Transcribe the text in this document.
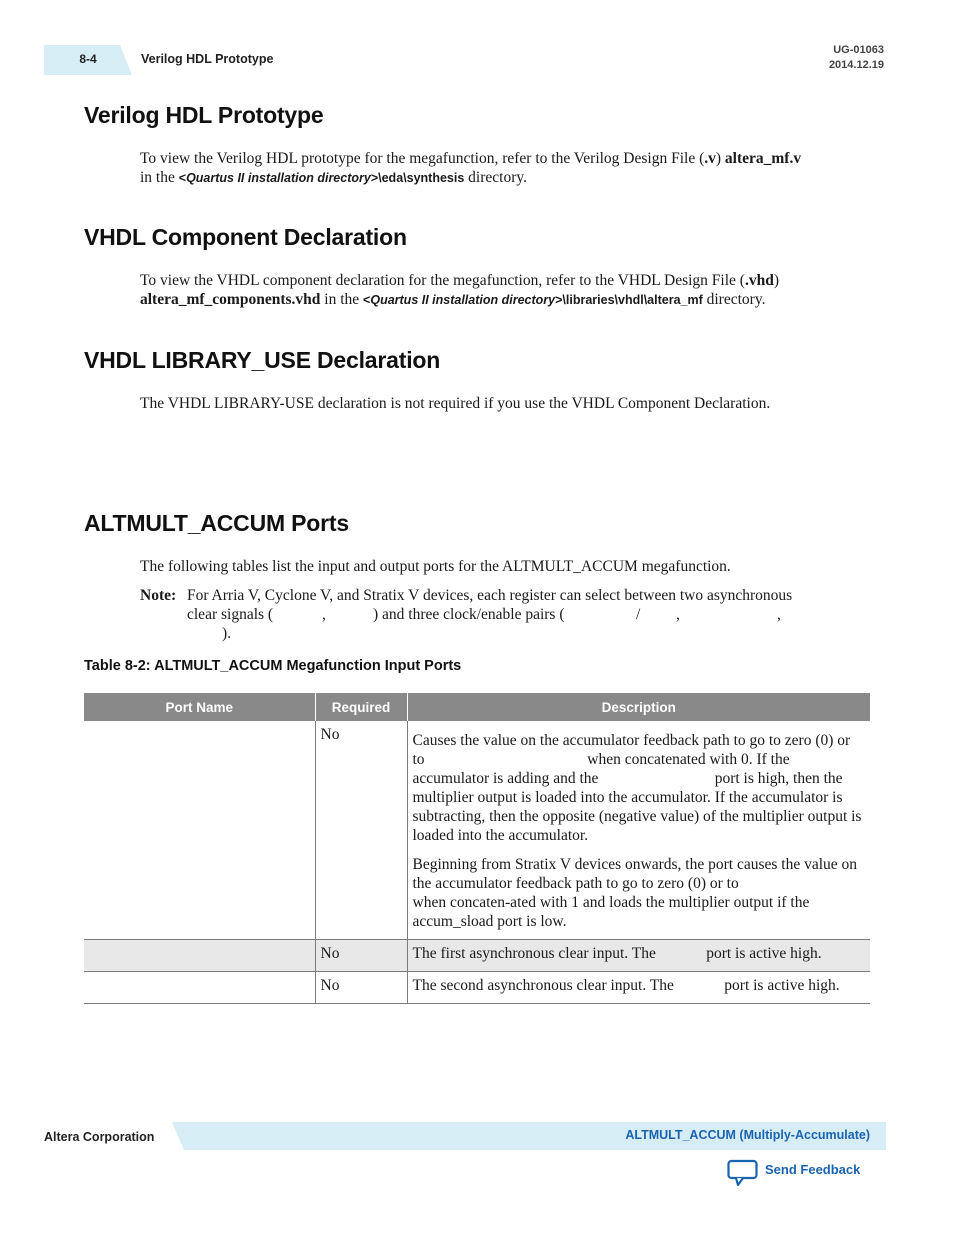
8-4	Verilog HDL Prototype
UG-01063
2014.12.19
Verilog HDL Prototype

To view the Verilog HDL prototype for the megafunction, refer to the Verilog Design File (.v) altera_mf.v
in the <Quartus II installation directory>\eda\synthesis directory.

VHDL Component Declaration

To view the VHDL component declaration for the megafunction, refer to the VHDL Design File (.vhd)
altera_mf_components.vhd in the <Quartus II installation directory>\libraries\vhdl\altera_mf directory.

VHDL LIBRARY_USE Declaration

The VHDL LIBRARY-USE declaration is not required if you use the VHDL Component Declaration.

ALTMULT_ACCUM Ports

The following tables list the input and output ports for the ALTMULT_ACCUM megafunction.

Note: For Arria V, Cyclone V, and Stratix V devices, each register can select between two asynchronous
clear signals (	,	) and three clock/enable pairs (	/ ,	,
).
Table 8-2: ALTMULT_ACCUM Megafunction Input Ports
Port Name	Required	Description
	No	Causes the value on the accumulator feedback path to go to zero (0) or to                                          when concatenated with 0. If the accumulator is adding and the                              port is high, then the multiplier output is loaded into the accumulator. If the accumulator is subtracting, then the opposite (negative value) of the multiplier output is loaded into the accumulator.

Beginning from Stratix V devices onwards, the port causes the value on the accumulator feedback path to go to zero (0) or to                                         when concaten-ated with 1 and loads the multiplier output if the accum_sload port is low.

	No	The first asynchronous clear input. The             port is active high.

	No	The second asynchronous clear input. The             port is active high.

Altera Corporation	ALTMULT_ACCUM (Multiply-Accumulate)
Send Feedback
